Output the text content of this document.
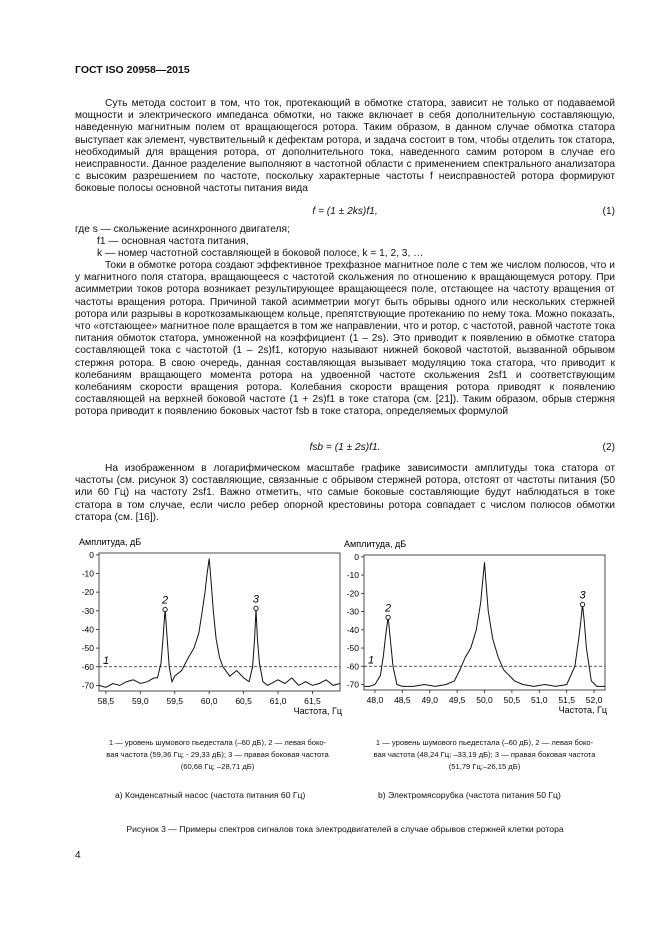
ГОСТ ISO 20958—2015
Суть метода состоит в том, что ток, протекающий в обмотке статора, зависит не только от подаваемой мощности и электрического импеданса обмотки, но также включает в себя дополнительную составляющую, наведенную магнитным полем от вращающегося ротора. Таким образом, в данном случае обмотка статора выступает как элемент, чувствительный к дефектам ротора, и задача состоит в том, чтобы отделить ток статора, необходимый для вращения ротора, от дополнительного тока, наведенного самим ротором в случае его неисправности. Данное разделение выполняют в частотной области с применением спектрального анализатора с высоким разрешением по частоте, поскольку характерные частоты f неисправностей ротора формируют боковые полосы основной частоты питания вида
f = (1 ± 2ks)f1,	(1)
где s — скольжение асинхронного двигателя;
f1 — основная частота питания,
k — номер частотной составляющей в боковой полосе, k = 1, 2, 3, …
Токи в обмотке ротора создают эффективное трехфазное магнитное поле с тем же числом полюсов, что и у магнитного поля статора, вращающееся с частотой скольжения по отношению к вращающемуся ротору. При асимметрии токов ротора возникает результирующее вращающееся поле, отстающее на частоту вращения от частоты вращения ротора. Причиной такой асимметрии могут быть обрывы одного или нескольких стержней ротора или разрывы в короткозамыкающем кольце, препятствующие протеканию по нему тока. Можно показать, что «отстающее» магнитное поле вращается в том же направлении, что и ротор, с частотой, равной частоте тока питания обмоток статора, умноженной на коэффициент (1 – 2s). Это приводит к появлению в обмотке статора составляющей тока с частотой (1 – 2s)f1, которую называют нижней боковой частотой, вызванной обрывом стержня ротора. В свою очередь, данная составляющая вызывает модуляцию тока статора, что приводит к колебаниям вращающего момента ротора на удвоенной частоте скольжения 2sf1 и соответствующим колебаниям скорости вращения ротора. Колебания скорости вращения ротора приводят к появлению составляющей на верхней боковой частоте (1 + 2s)f1 в токе статора (см. [21]). Таким образом, обрыв стержня ротора приводит к появлению боковых частот fsb в токе статора, определяемых формулой
fsb = (1 ± 2s)f1.	(2)
На изображенном в логарифмическом масштабе графике зависимости амплитуды тока статора от частоты (см. рисунок 3) составляющие, связанные с обрывом стержней ротора, отстоят от частоты питания (50 или 60 Гц) на частоту 2sf1. Важно отметить, что самые боковые составляющие будут наблюдаться в токе статора в том случае, если число ребер опорной крестовины ротора совпадает с числом полюсов обмотки статора (см. [16]).
Амплитуда, дБ
0
-10
-20
-30
-40
-50
-60
-70
58,5 59,0 59,5 60,0 60,5 61,0 61,5
Частота, Гц
1
2	3
Амплитуда, дБ
0
-10
-20
-30
-40
-50
-60
-70
48,0 48,5 49,0 49,5 50,0 50,5 51,0 51,5 52,0
Частота, Гц
1
2
3
1 — уровень шумового пьедестала (–60 дБ), 2 — левая боко-
вая частота (59,36 Гц; - 29,33 дБ); 3 — правая боковая частота
(60,68 Гц; –28,71 дБ)
1 — уровень шумового пьедестала (–60 дБ), 2 — левая боко-
вая частота (48,24 Гц; –33,19 дБ); 3 — правая боковая частота
(51,79 Гц;–26,15 дБ)
а) Конденсатный насос (частота питания 60 Гц)	b) Электромясорубка (частота питания 50 Гц)
Рисунок 3 — Примеры спектров сигналов тока электродвигателей в случае обрывов стержней клетки ротора
4
